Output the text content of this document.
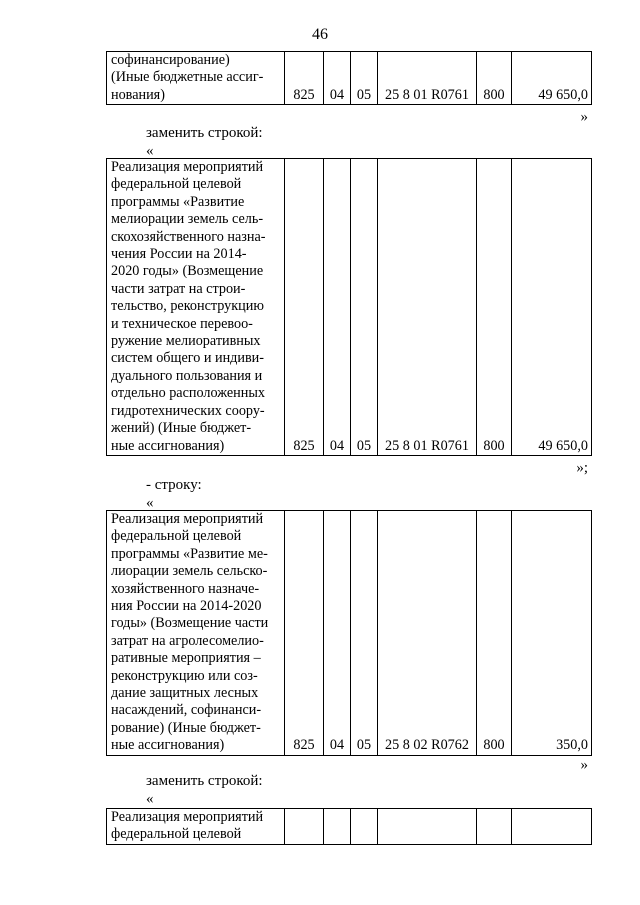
46
софинансирование)
(Иные бюджетные ассиг-
нования)	825	04	05	25 8 01 R0761	800	49 650,0
»
заменить строкой:
«
Реализация мероприятий
федеральной целевой
программы «Развитие
мелиорации земель сель-
скохозяйственного назна-
чения России на 2014-
2020 годы» (Возмещение
части затрат на строи-
тельство, реконструкцию
и техническое перевоо-
ружение мелиоративных
систем общего и индиви-
дуального пользования и
отдельно расположенных
гидротехнических соору-
жений) (Иные бюджет-
ные ассигнования)	825	04	05	25 8 01 R0761	800	49 650,0
»;
- строку:
«
Реализация мероприятий
федеральной целевой
программы «Развитие ме-
лиорации земель сельско-
хозяйственного назначе-
ния России на 2014-2020
годы» (Возмещение части
затрат на агролесомелио-
ративные мероприятия –
реконструкцию или соз-
дание защитных лесных
насаждений, софинанси-
рование) (Иные бюджет-
ные ассигнования)	825	04	05	25 8 02 R0762	800	350,0
»
заменить строкой:
«
Реализация мероприятий
федеральной целевой
